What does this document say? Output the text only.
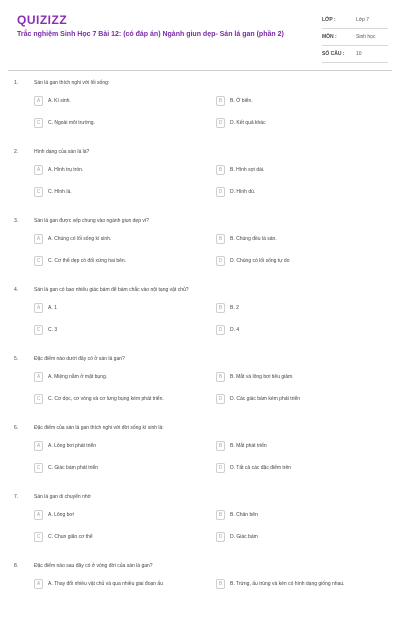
QUIZIZZ
Trắc nghiệm Sinh Học 7 Bài 12: (có đáp án) Ngành giun dẹp- Sán lá gan (phần 2)
LỚP :	Lớp 7
MÔN :	Sinh học
SỐ CÂU :	10
1.	Sán lá gan thích nghi với lối sống:
A	A. Kí sinh.	B	B. Ở biển.
C	C. Ngoài môi trường.	D	D. Kết quả khác
2.	Hình dạng của sán lá là?
A	A. Hình trụ tròn.	B	B. Hình sợi dài.
C	C. Hình lá.	D	D. Hình dù.
3.	Sán lá gan được xếp chung vào ngành giun dẹp vì?
A	A. Chúng có lối sống kí sinh.	B	B. Chúng đều là sán.
C	C. Cơ thể dẹp có đối xứng hai bên.	D	D. Chúng có lối sống tự do
4.	Sán lá gan có bao nhiêu giác bám để bám chắc vào nội tạng vật chủ?
A	A. 1	B	B. 2
C	C. 3	D	D. 4
5.	Đặc điểm nào dưới đây có ở sán lá gan?
A	A. Miệng nằm ở mặt bụng.	B	B. Mắt và lông bơi tiêu giảm.
C	C. Cơ dọc, cơ vòng và cơ lưng bụng kém phát triển.	D	D. Các giác bám kém phát triển
6.	Đặc điểm của sán lá gan thích nghi với đời sống kí sinh là:
A	A. Lông bơi phát triển	B	B. Mắt phát triển
C	C. Giác bám phát triển	D	D. Tất cả các đặc điểm trên
7.	Sán lá gan di chuyển nhờ
A	A. Lông bơi	B	B. Chân bên
C	C. Chun giãn cơ thể	D	D. Giác bám
8.	Đặc điểm nào sau đây có ở vòng đời của sán lá gan?
A	A. Thay đổi nhiều vật chủ và qua nhiều giai đoạn ấu	B	B. Trứng, ấu trùng và kén có hình dạng giống nhau.
